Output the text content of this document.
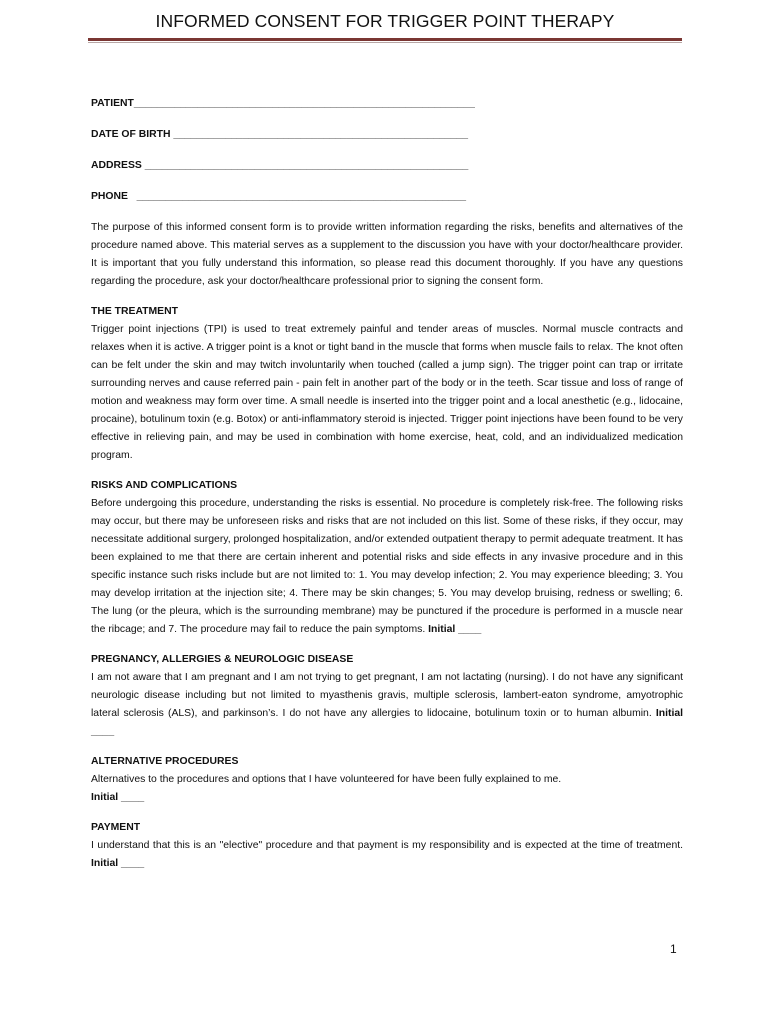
INFORMED CONSENT FOR TRIGGER POINT THERAPY
PATIENT___________________________________________________________
DATE OF BIRTH ___________________________________________________
ADDRESS ________________________________________________________
PHONE   _________________________________________________________

The purpose of this informed consent form is to provide written information regarding the risks, benefits and alternatives of the procedure named above. This material serves as a supplement to the discussion you have with your doctor/healthcare provider. It is important that you fully understand this information, so please read this document thoroughly. If you have any questions regarding the procedure, ask your doctor/healthcare professional prior to signing the consent form.

THE TREATMENT

Trigger point injections (TPI) is used to treat extremely painful and tender areas of muscles. Normal muscle contracts and relaxes when it is active. A trigger point is a knot or tight band in the muscle that forms when muscle fails to relax. The knot often can be felt under the skin and may twitch involuntarily when touched (called a jump sign). The trigger point can trap or irritate surrounding nerves and cause referred pain - pain felt in another part of the body or in the teeth. Scar tissue and loss of range of motion and weakness may form over time. A small needle is inserted into the trigger point and a local anesthetic (e.g., lidocaine, procaine), botulinum toxin (e.g. Botox) or anti-inflammatory steroid is injected. Trigger point injections have been found to be very effective in relieving pain, and may be used in combination with home exercise, heat, cold, and an individualized medication program.

RISKS AND COMPLICATIONS

Before undergoing this procedure, understanding the risks is essential. No procedure is completely risk-free. The following risks may occur, but there may be unforeseen risks and risks that are not included on this list. Some of these risks, if they occur, may necessitate additional surgery, prolonged hospitalization, and/or extended outpatient therapy to permit adequate treatment. It has been explained to me that there are certain inherent and potential risks and side effects in any invasive procedure and in this specific instance such risks include but are not limited to: 1. You may develop infection; 2. You may experience bleeding; 3. You may develop irritation at the injection site; 4. There may be skin changes; 5. You may develop bruising, redness or swelling; 6. The lung (or the pleura, which is the surrounding membrane) may be punctured if the procedure is performed in a muscle near the ribcage; and 7. The procedure may fail to reduce the pain symptoms. Initial ____

PREGNANCY, ALLERGIES & NEUROLOGIC DISEASE

I am not aware that I am pregnant and I am not trying to get pregnant, I am not lactating (nursing). I do not have any significant neurologic disease including but not limited to myasthenis gravis, multiple sclerosis, lambert-eaton syndrome, amyotrophic lateral sclerosis (ALS), and parkinson’s. I do not have any allergies to lidocaine, botulinum toxin or to human albumin. Initial ____

ALTERNATIVE PROCEDURES

Alternatives to the procedures and options that I have volunteered for have been fully explained to me.

Initial ____
PAYMENT

I understand that this is an "elective" procedure and that payment is my responsibility and is expected at the time of treatment. Initial ____

1
